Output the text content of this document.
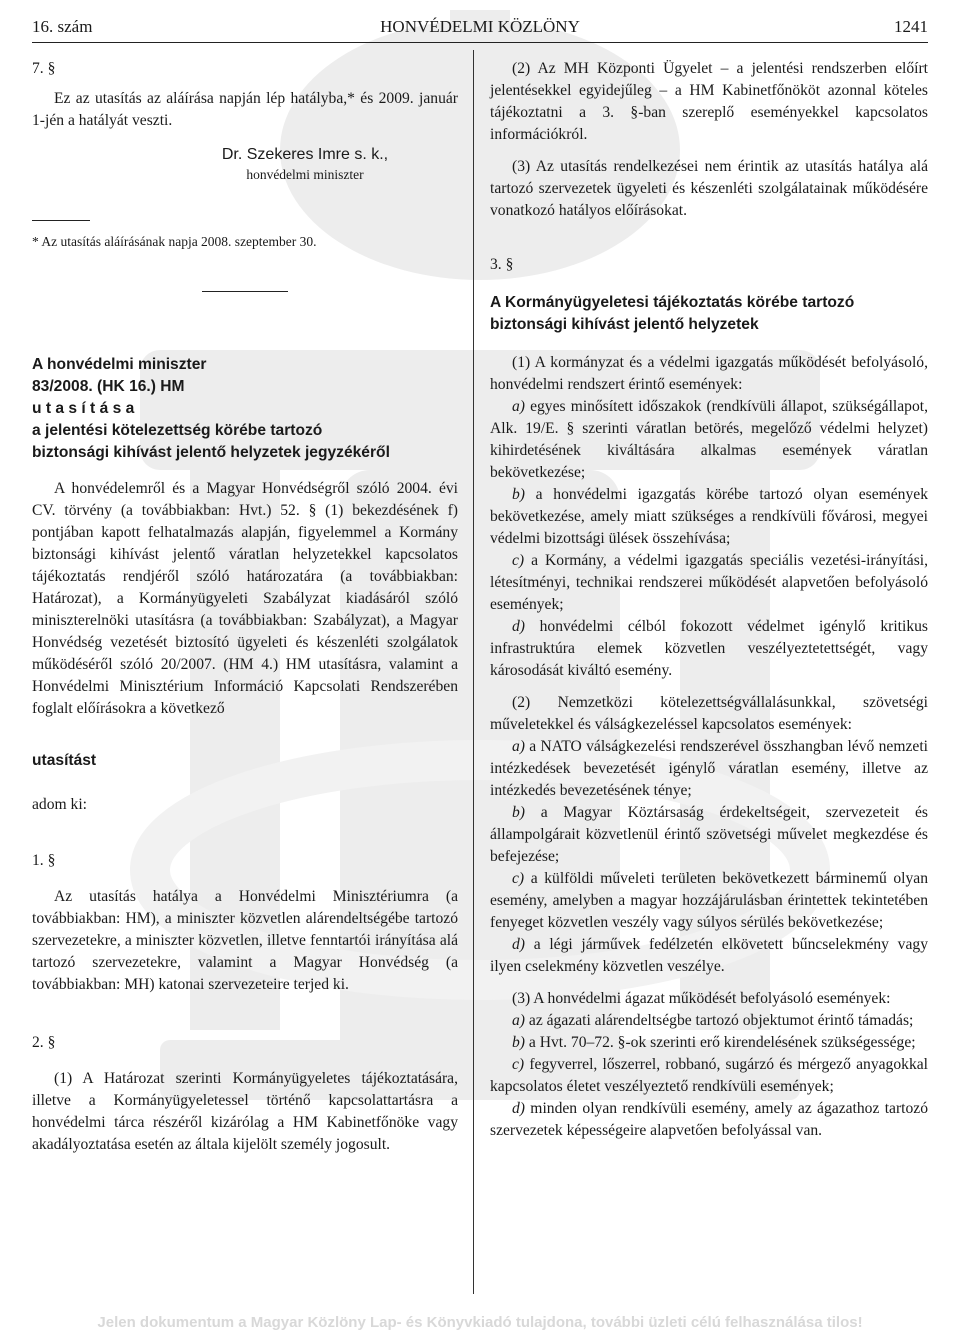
16. szám	HONVÉDELMI KÖZLÖNY	1241

7. §

Ez az utasítás az aláírása napján lép hatályba,* és 2009. január 1-jén a hatályát veszti.

Dr. Szekeres Imre s. k.,

honvédelmi miniszter

* Az utasítás aláírásának napja 2008. szeptember 30.

A honvédelmi miniszter

83/2008. (HK 16.) HM

u t a s í t á s a

a jelentési kötelezettség körébe tartozó

biztonsági kihívást jelentő helyzetek jegyzékéről

A honvédelemről és a Magyar Honvédségről szóló 2004. évi CV. törvény (a továbbiakban: Hvt.) 52. § (1) bekezdésének f) pontjában kapott felhatalmazás alapján, figyelemmel a Kormány biztonsági kihívást jelentő váratlan helyzetekkel kapcsolatos tájékoztatás rendjéről szóló határozatára (a továbbiakban: Határozat), a Kormányügyeleti Szabályzat kiadásáról szóló miniszterelnöki utasításra (a továbbiakban: Szabályzat), a Magyar Honvédség vezetését biztosító ügyeleti és készenléti szolgálatok működéséről szóló 20/2007. (HM 4.) HM utasításra, valamint a Honvédelmi Minisztérium Információ Kapcsolati Rendszerében foglalt előírásokra a következő

utasítást

adom ki:

1. §

Az utasítás hatálya a Honvédelmi Minisztériumra (a továbbiakban: HM), a miniszter közvetlen alárendeltségébe tartozó szervezetekre, a miniszter közvetlen, illetve fenntartói irányítása alá tartozó szervezetekre, valamint a Magyar Honvédség (a továbbiakban: MH) katonai szervezeteire terjed ki.

2. §

(1) A Határozat szerinti Kormányügyeletes tájékoztatására, illetve a Kormányügyeletessel történő kapcsolattartásra a honvédelmi tárca részéről kizárólag a HM Kabinetfőnöke vagy akadályoztatása esetén az általa kijelölt személy jogosult.

(2) Az MH Központi Ügyelet – a jelentési rendszerben előírt jelentésekkel egyidejűleg – a HM Kabinetfőnököt azonnal köteles tájékoztatni a 3. §-ban szereplő eseményekkel kapcsolatos információkról.

(3) Az utasítás rendelkezései nem érintik az utasítás hatálya alá tartozó szervezetek ügyeleti és készenléti szolgálatainak működésére vonatkozó hatályos előírásokat.

3. §

A Kormányügyeletesi tájékoztatás körébe tartozó

biztonsági kihívást jelentő helyzetek

(1) A kormányzat és a védelmi igazgatás működését befolyásoló, honvédelmi rendszert érintő események:

a) egyes minősített időszakok (rendkívüli állapot, szükségállapot, Alk. 19/E. § szerinti váratlan betörés, megelőző védelmi helyzet) kihirdetésének kiváltására alkalmas események váratlan bekövetkezése;

b) a honvédelmi igazgatás körébe tartozó olyan események bekövetkezése, amely miatt szükséges a rendkívüli fővárosi, megyei védelmi bizottsági ülések összehívása;

c) a Kormány, a védelmi igazgatás speciális vezetési-irányítási, létesítményi, technikai rendszerei működését alapvetően befolyásoló események;

d) honvédelmi célból fokozott védelmet igénylő kritikus infrastruktúra elemek közvetlen veszélyeztetettségét, vagy károsodását kiváltó esemény.

(2) Nemzetközi kötelezettségvállalásunkkal, szövetségi műveletekkel és válságkezeléssel kapcsolatos események:

a) a NATO válságkezelési rendszerével összhangban lévő nemzeti intézkedések bevezetését igénylő váratlan esemény, illetve az intézkedés bevezetésének ténye;

b) a Magyar Köztársaság érdekeltségeit, szervezeteit és állampolgárait közvetlenül érintő szövetségi művelet megkezdése és befejezése;

c) a külföldi műveleti területen bekövetkezett bárminemű olyan esemény, amelyben a magyar hozzájárulásban érintettek tekintetében fenyeget közvetlen veszély vagy súlyos sérülés bekövetkezése;

d) a légi járművek fedélzetén elkövetett bűncselekmény vagy ilyen cselekmény közvetlen veszélye.

(3) A honvédelmi ágazat működését befolyásoló események:

a) az ágazati alárendeltségbe tartozó objektumot érintő támadás;

b) a Hvt. 70–72. §-ok szerinti erő kirendelésének szükségessége;

c) fegyverrel, lőszerrel, robbanó, sugárzó és mérgező anyagokkal kapcsolatos életet veszélyeztető rendkívüli események;

d) minden olyan rendkívüli esemény, amely az ágazathoz tartozó szervezetek képességeire alapvetően befolyással van.

Jelen dokumentum a Magyar Közlöny Lap- és Könyvkiadó tulajdona, további üzleti célú felhasználása tilos!
